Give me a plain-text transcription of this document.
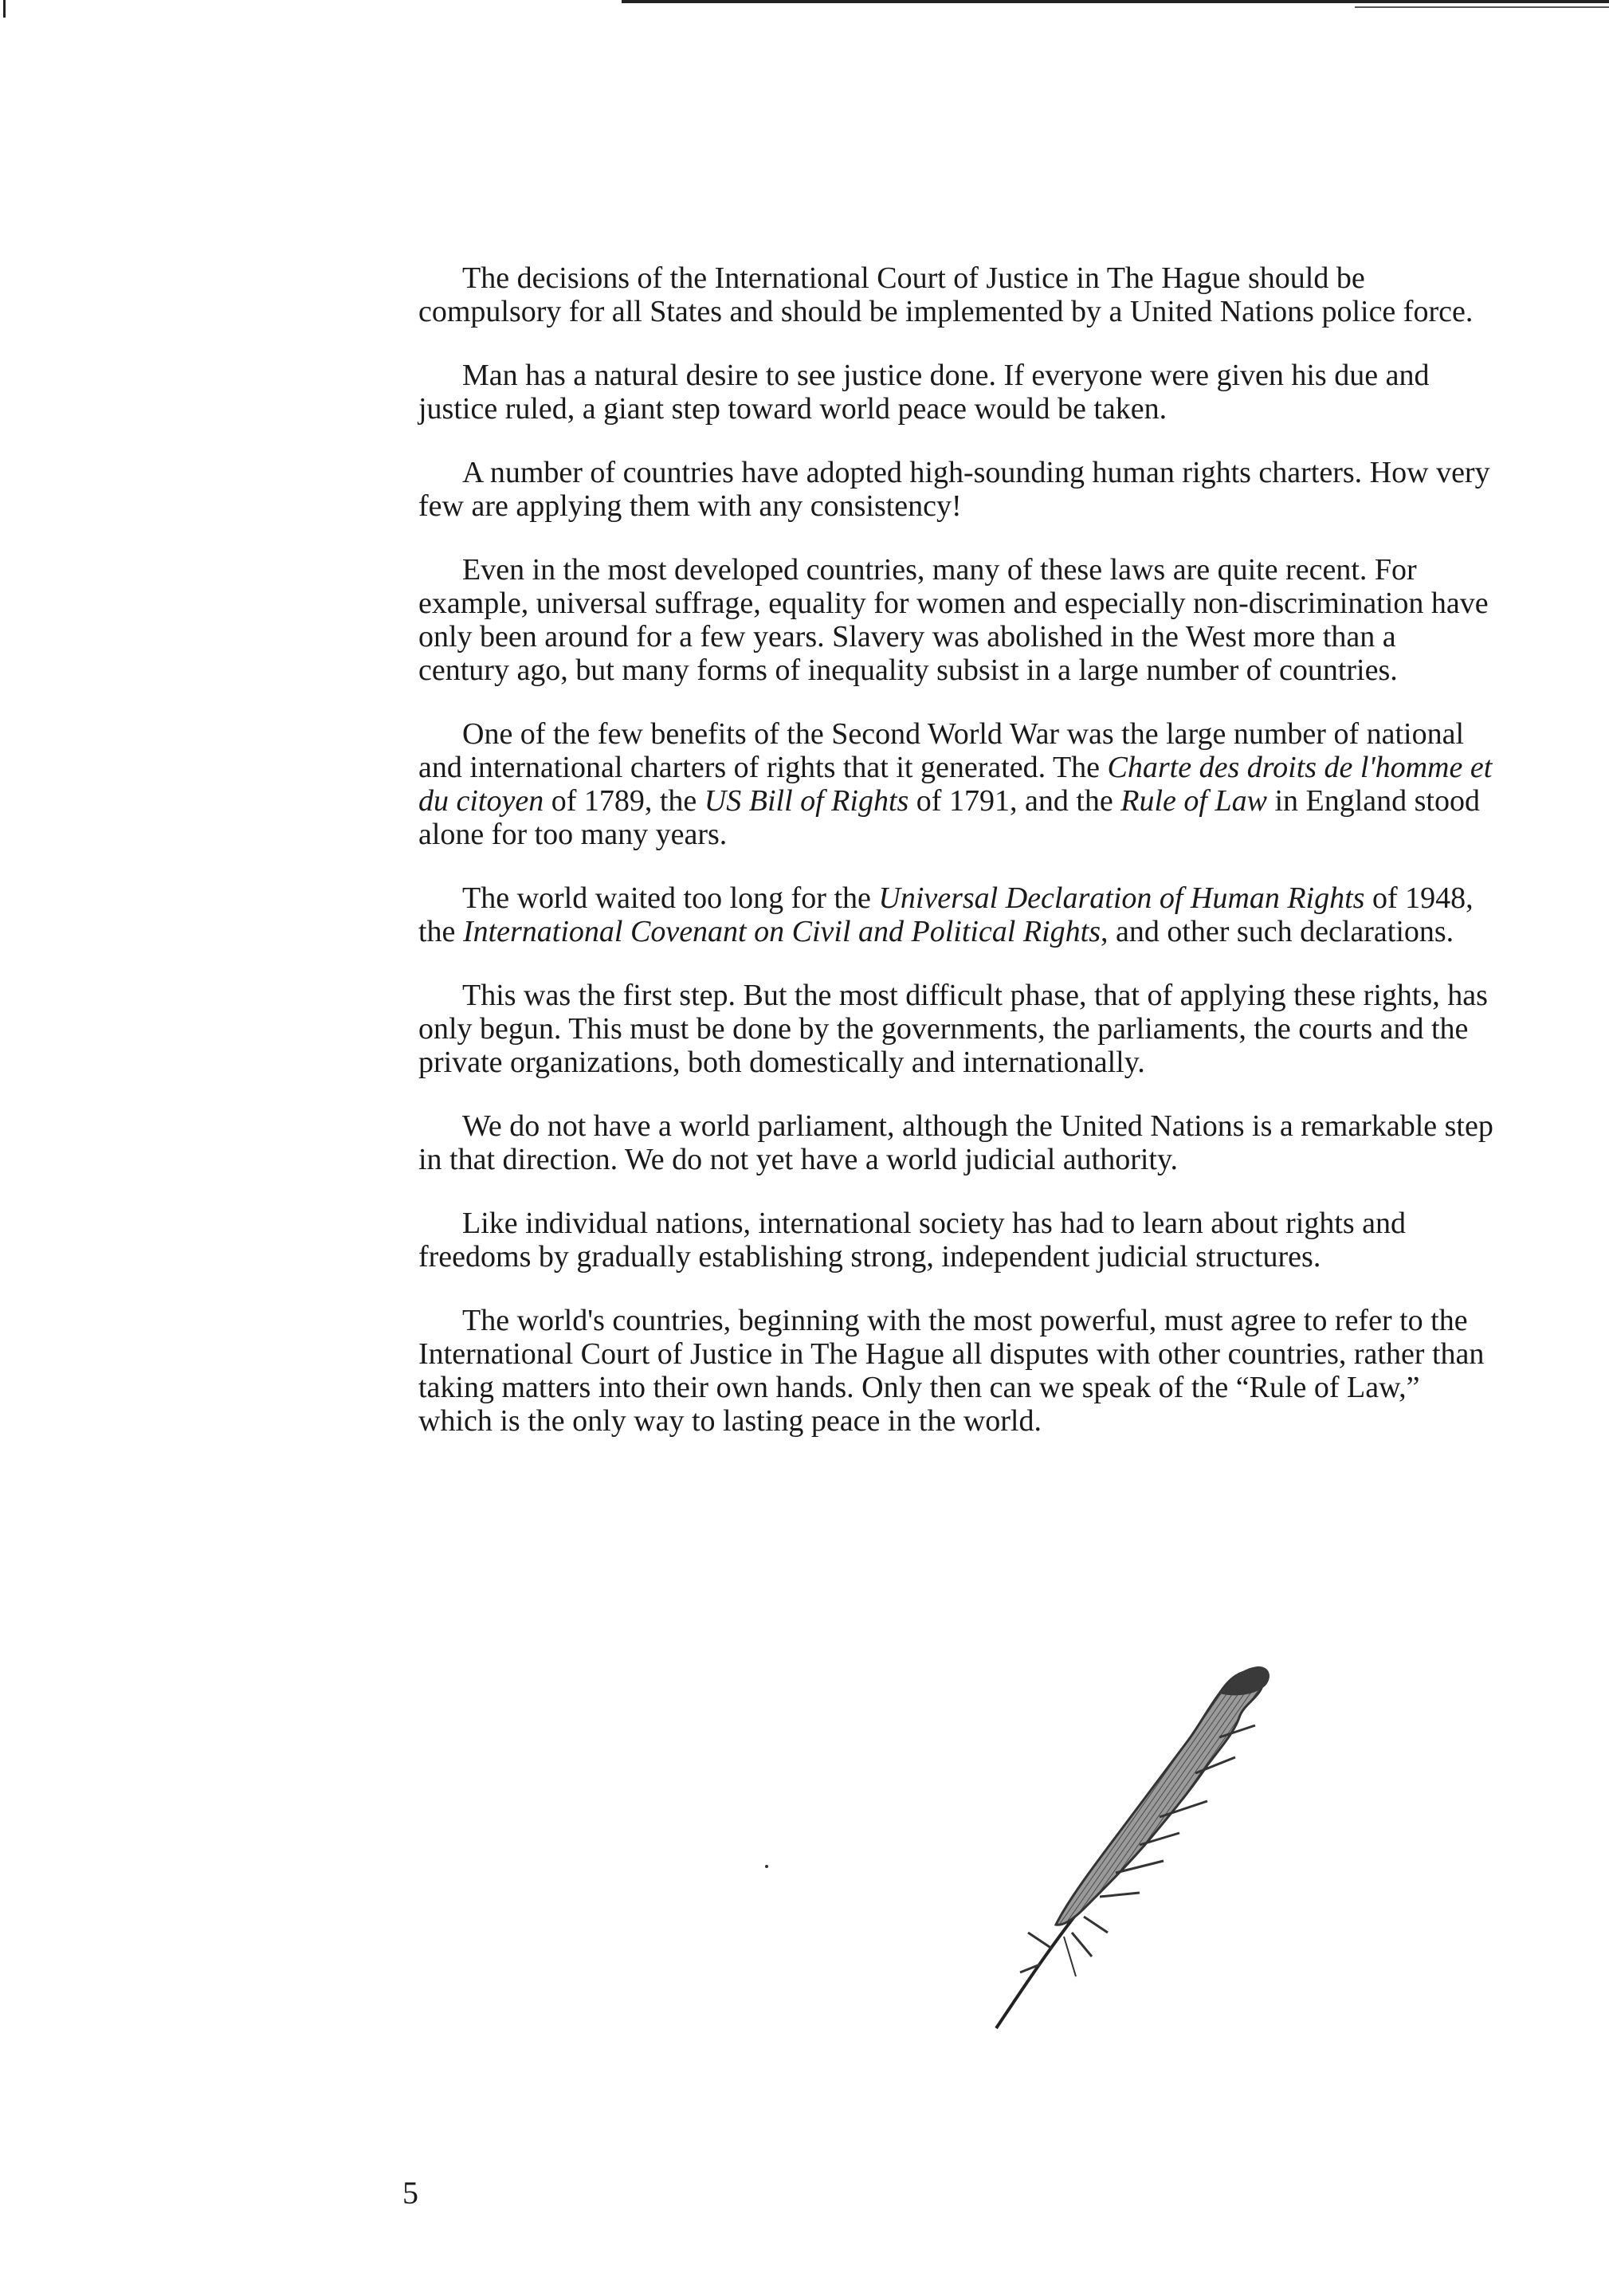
The decisions of the International Court of Justice in The Hague should be compulsory for all States and should be implemented by a United Nations police force.

Man has a natural desire to see justice done. If everyone were given his due and justice ruled, a giant step toward world peace would be taken.

A number of countries have adopted high-sounding human rights charters. How very few are applying them with any consistency!

Even in the most developed countries, many of these laws are quite recent. For example, universal suffrage, equality for women and especially non-discrimination have only been around for a few years. Slavery was abolished in the West more than a century ago, but many forms of inequality subsist in a large number of countries.

One of the few benefits of the Second World War was the large number of national and international charters of rights that it generated. The Charte des droits de l'homme et du citoyen of 1789, the US Bill of Rights of 1791, and the Rule of Law in England stood alone for too many years.

The world waited too long for the Universal Declaration of Human Rights of 1948, the International Covenant on Civil and Political Rights, and other such declarations.

This was the first step. But the most difficult phase, that of applying these rights, has only begun. This must be done by the governments, the parliaments, the courts and the private organizations, both domestically and internationally.

We do not have a world parliament, although the United Nations is a remarkable step in that direction. We do not yet have a world judicial authority.

Like individual nations, international society has had to learn about rights and freedoms by gradually establishing strong, independent judicial structures.

The world's countries, beginning with the most powerful, must agree to refer to the International Court of Justice in The Hague all disputes with other countries, rather than taking matters into their own hands. Only then can we speak of the “Rule of Law,” which is the only way to lasting peace in the world.

5
